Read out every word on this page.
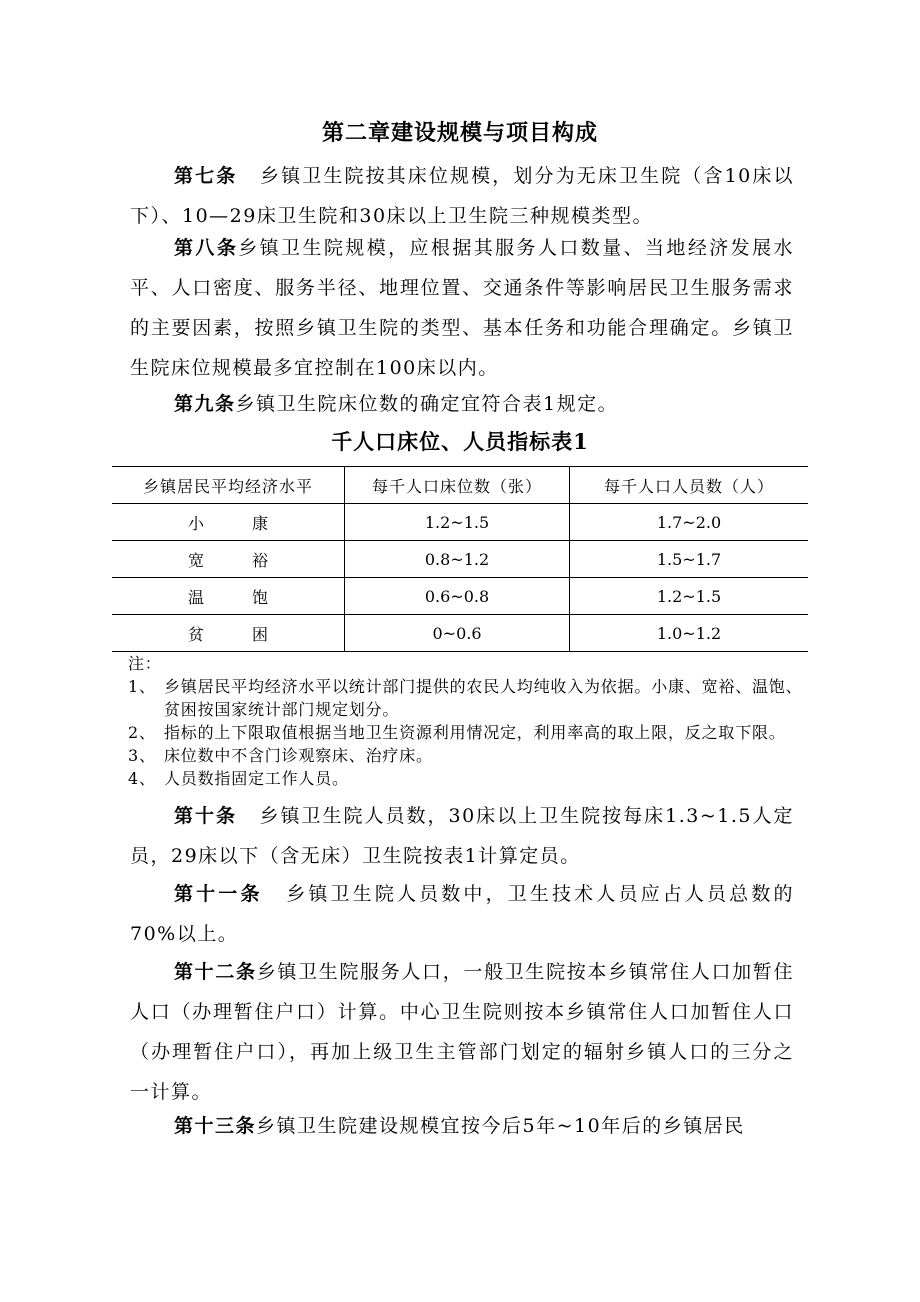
第二章建设规模与项目构成
第七条 乡镇卫生院按其床位规模，划分为无床卫生院（含10床以下）、10—29床卫生院和30床以上卫生院三种规模类型。
第八条乡镇卫生院规模，应根据其服务人口数量、当地经济发展水平、人口密度、服务半径、地理位置、交通条件等影响居民卫生服务需求的主要因素，按照乡镇卫生院的类型、基本任务和功能合理确定。乡镇卫生院床位规模最多宜控制在100床以内。
第九条乡镇卫生院床位数的确定宜符合表1规定。
千人口床位、人员指标表1
乡镇居民平均经济水平	每千人口床位数（张）	每千人口人员数（人）
小康	1.2~1.5	1.7~2.0
宽裕	0.8~1.2	1.5~1.7
温饱	0.6~0.8	1.2~1.5
贫困	0~0.6	1.0~1.2
注：1、 乡镇居民平均经济水平以统计部门提供的农民人均纯收入为依据。小康、宽裕、温饱、贫困按国家统计部门规定划分。
2、 指标的上下限取值根据当地卫生资源利用情况定，利用率高的取上限，反之取下限。
3、 床位数中不含门诊观察床、治疗床。
4、 人员数指固定工作人员。
第十条 乡镇卫生院人员数，30床以上卫生院按每床1.3~1.5人定员，29床以下（含无床）卫生院按表1计算定员。
第十一条 乡镇卫生院人员数中，卫生技术人员应占人员总数的70%以上。
第十二条乡镇卫生院服务人口，一般卫生院按本乡镇常住人口加暂住人口（办理暂住户口）计算。中心卫生院则按本乡镇常住人口加暂住人口（办理暂住户口），再加上级卫生主管部门划定的辐射乡镇人口的三分之一计算。
第十三条乡镇卫生院建设规模宜按今后5年~10年后的乡镇居民
